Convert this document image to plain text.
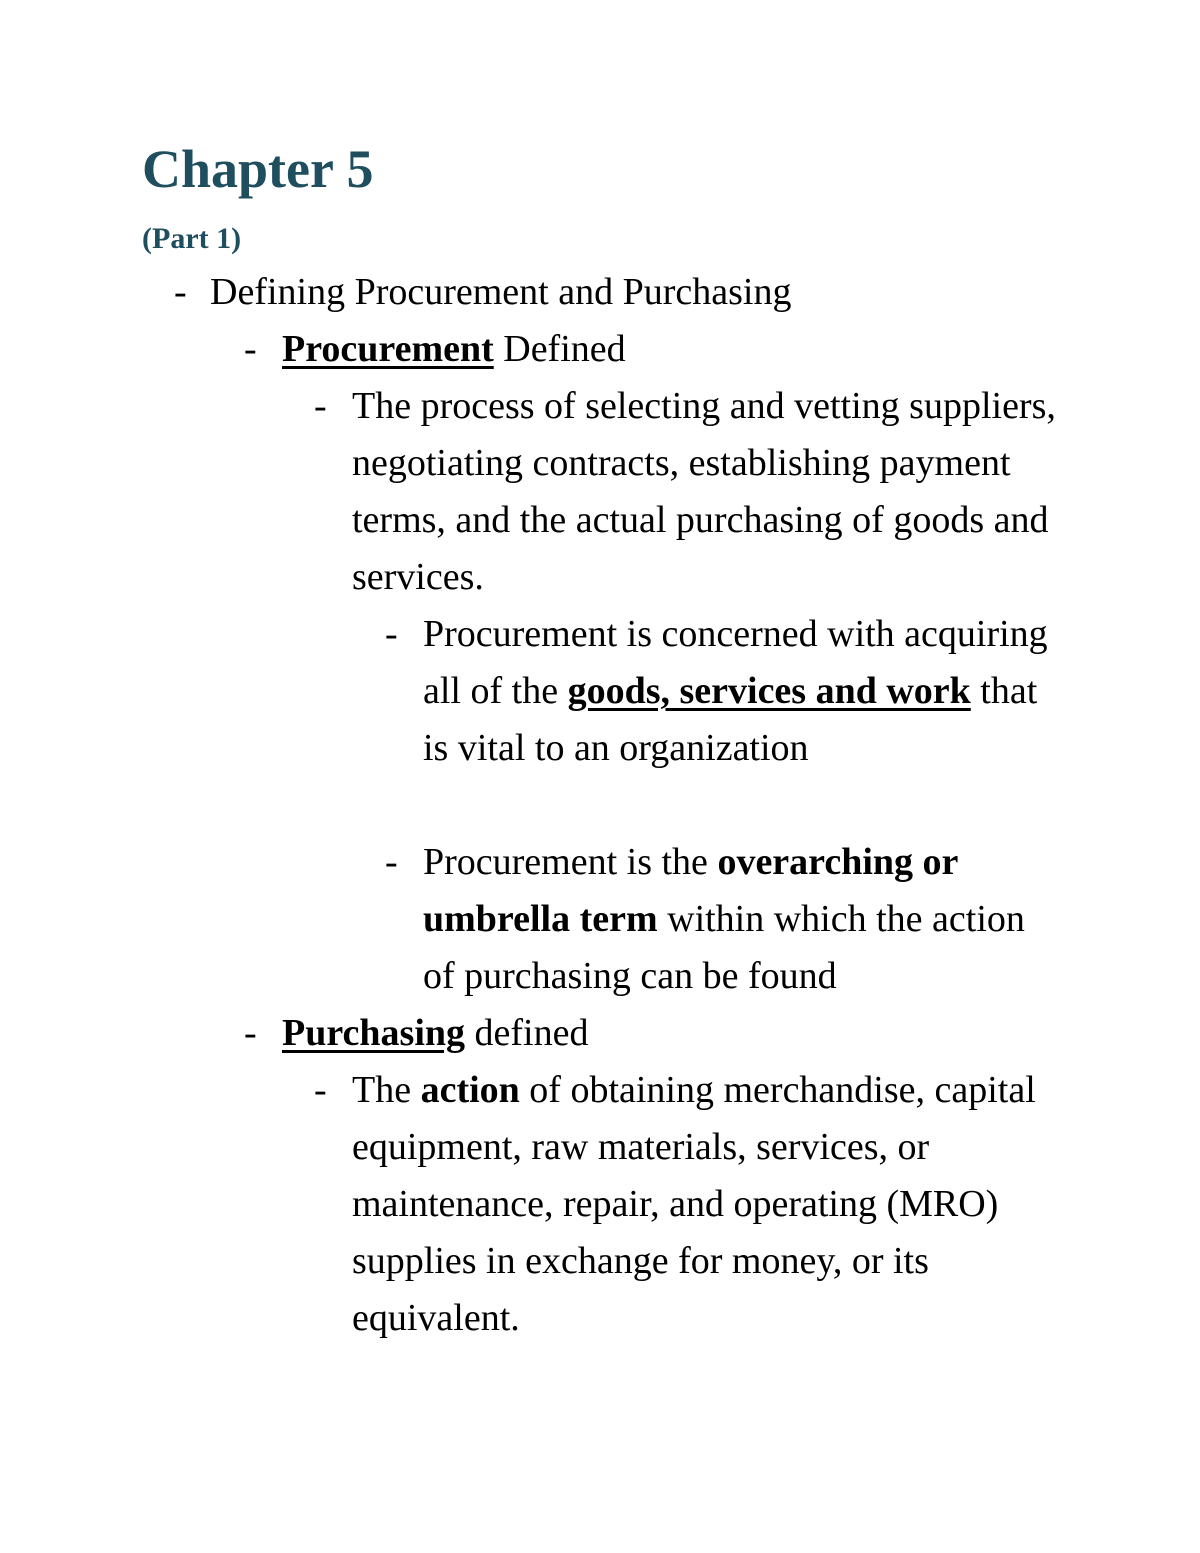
Chapter 5
(Part 1)

- Defining Procurement and Purchasing

- Procurement Defined

- The process of selecting and vetting suppliers, negotiating contracts, establishing payment terms, and the actual purchasing of goods and services.

- Procurement is concerned with acquiring all of the goods, services and work that is vital to an organization

- Procurement is the overarching or umbrella term within which the action of purchasing can be found

- Purchasing defined

- The action of obtaining merchandise, capital equipment, raw materials, services, or maintenance, repair, and operating (MRO) supplies in exchange for money, or its equivalent.
